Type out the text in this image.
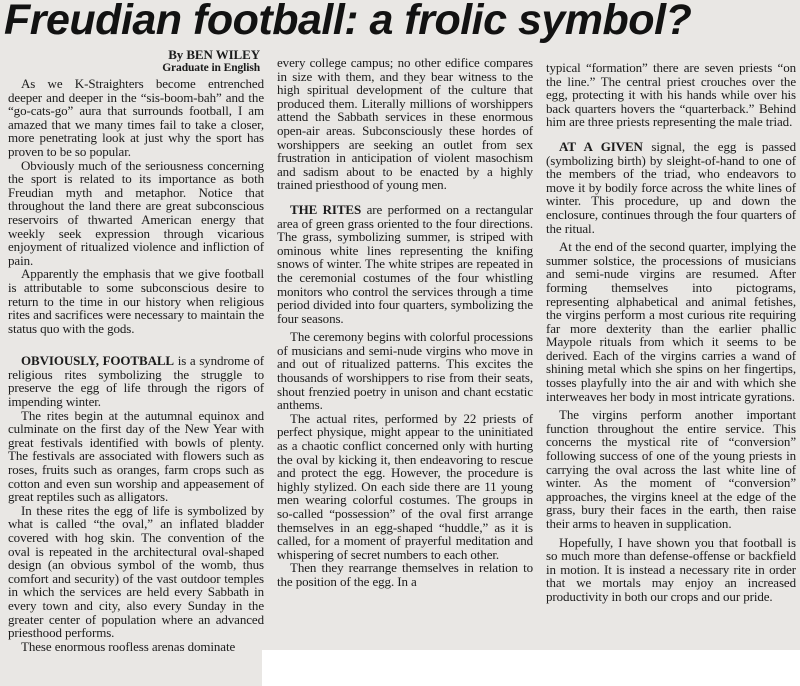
Freudian football: a frolic symbol?
By BEN WILEY
Graduate in English

As we K-Straighters become entrenched deeper and deeper in the “sis-boom-bah” and the “go-cats-go” aura that surrounds football, I am amazed that we many times fail to take a closer, more penetrating look at just why the sport has proven to be so popular.

Obviously much of the seriousness concerning the sport is related to its importance as both Freudian myth and metaphor. Notice that throughout the land there are great subconscious reservoirs of thwarted American energy that weekly seek expression through vicarious enjoyment of ritualized violence and infliction of pain.

Apparently the emphasis that we give football is attributable to some subconscious desire to return to the time in our history when religious rites and sacrifices were necessary to maintain the status quo with the gods.

OBVIOUSLY, FOOTBALL is a syndrome of religious rites symbolizing the struggle to preserve the egg of life through the rigors of impending winter.

The rites begin at the autumnal equinox and culminate on the first day of the New Year with great festivals identified with bowls of plenty. The festivals are associated with flowers such as roses, fruits such as oranges, farm crops such as cotton and even sun worship and appeasement of great reptiles such as alligators.

In these rites the egg of life is symbolized by what is called “the oval,” an inflated bladder covered with hog skin. The convention of the oval is repeated in the architectural oval-shaped design (an obvious symbol of the womb, thus comfort and security) of the vast outdoor temples in which the services are held every Sabbath in every town and city, also every Sunday in the greater center of population where an advanced priesthood performs.

These enormous roofless arenas dominate

every college campus; no other edifice compares in size with them, and they bear witness to the high spiritual development of the culture that produced them. Literally millions of worshippers attend the Sabbath services in these enormous open-air areas. Subconsciously these hordes of worshippers are seeking an outlet from sex frustration in anticipation of violent masochism and sadism about to be enacted by a highly trained priesthood of young men.

THE RITES are performed on a rectangular area of green grass oriented to the four directions. The grass, symbolizing summer, is striped with ominous white lines representing the knifing snows of winter. The white stripes are repeated in the ceremonial costumes of the four whistling monitors who control the services through a time period divided into four quarters, symbolizing the four seasons.

The ceremony begins with colorful processions of musicians and semi-nude virgins who move in and out of ritualized patterns. This excites the thousands of worshippers to rise from their seats, shout frenzied poetry in unison and chant ecstatic anthems.

The actual rites, performed by 22 priests of perfect physique, might appear to the uninitiated as a chaotic conflict concerned only with hurting the oval by kicking it, then endeavoring to rescue and protect the egg. However, the procedure is highly stylized. On each side there are 11 young men wearing colorful costumes. The groups in so-called “possession” of the oval first arrange themselves in an egg-shaped “huddle,” as it is called, for a moment of prayerful meditation and whispering of secret numbers to each other.

Then they rearrange themselves in relation to the position of the egg. In a

typical “formation” there are seven priests “on the line.” The central priest crouches over the egg, protecting it with his hands while over his back quarters hovers the “quarterback.” Behind him are three priests representing the male triad.

AT A GIVEN signal, the egg is passed (symbolizing birth) by sleight-of-hand to one of the members of the triad, who endeavors to move it by bodily force across the white lines of winter. This procedure, up and down the enclosure, continues through the four quarters of the ritual.

At the end of the second quarter, implying the summer solstice, the processions of musicians and semi-nude virgins are resumed. After forming themselves into pictograms, representing alphabetical and animal fetishes, the virgins perform a most curious rite requiring far more dexterity than the earlier phallic Maypole rituals from which it seems to be derived. Each of the virgins carries a wand of shining metal which she spins on her fingertips, tosses playfully into the air and with which she interweaves her body in most intricate gyrations.

The virgins perform another important function throughout the entire service. This concerns the mystical rite of “conversion” following success of one of the young priests in carrying the oval across the last white line of winter. As the moment of “conversion” approaches, the virgins kneel at the edge of the grass, bury their faces in the earth, then raise their arms to heaven in supplication.

Hopefully, I have shown you that football is so much more than defense-offense or backfield in motion. It is instead a necessary rite in order that we mortals may enjoy an increased productivity in both our crops and our pride.
